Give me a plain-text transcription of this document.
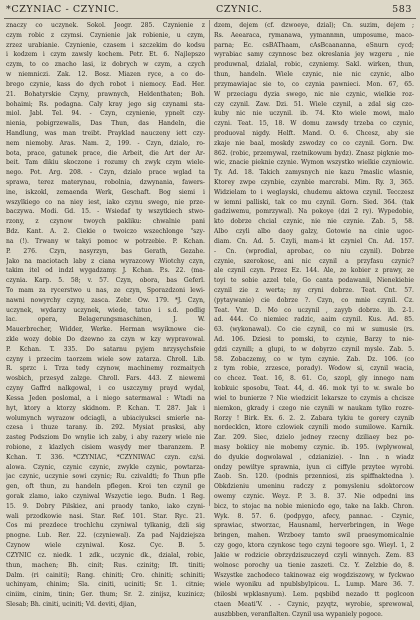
*CZYNIAC - CZYNIC.	CZYNIC.	583
znaczy co uczynek. Sokol. Jeogr. 285. Czynienie z
czym robic z czymsi. Czynienie jak robienie, u czym,
zrzez urabianie. Czynienie, czasem i szczekim do kodsu
i kodzem i czym zawsly kochem. Petr. Et. 6. Najlepszo
czym, to co znacho lasi, iz dobrych w czym, a czych
w niemniczi. Zak. 12. Bosz. Miazen ryce, a co do-
brego czynie, kass do dych robot i niemocy. Ead. Her.
21. Bohatyrskie Czyny, prawnych, Heldenthaten; Boh.
bohaimi; Rs. podagna. Caly kray jego sig czynami sta-
miol. Jabl. Tel. 94. - Czyn, czynienie, ypnelt czy-
nienia, pobigrzewalis, Das Thun, das Handeln, die
Handlung, was man treibt. Prayklad nauczeny iett czy-
nem niemoby. Aras. Nam. 2, 199. - Czyn, dzialo, ro-
bota, prace, gatunek prace, die Arbeit, die Art der Ar-
beit. Tam dikiu skoczone i rozumy ch zwyk czym wiele-
nego. Pot. Arg. 208. - Czyn, dzialo prace wglad ta
sprawa, terez materynau, robolnia, dzwynania, fawers-
ine, iskzokl, zemaenda Werk, Geschaft. Bog siemi i
wszylkiego co na niey iest, iako czynu swego, nie prze-
baczywa. Modi. Gd. 15. - Wsiedaf ty wszytkiech stwo-
rzony, z czynow twoych pakliku: chwalnie pani
Bdz. Kant. A. 2. Ciekie o twoiczo wszechlonge "szy-
na (!). Trwany w takyi pomoc w potrzebie. P. Kchan.
P. 276. Czyn, nasyrzyn, bas Gerath, Gezahe.
Jako na maciotach laby z ciana wyrazcowy Wiotchy czyn,
takim itel od indzl wygadzamy. J. Kchan. P.s. 22. (ma-
czynia. Karp. 5. 58; v. 57. Czyn, obora, bas Geferl.
To mam za rycerstwo u nas, ze czyn, Sporazdzoni lewi-
nawni nowyrchy czyny, zasca. Zebr. Ow. 179. *J. Czyn,
uczynek, wydarzy uczynek, wiede, tatuo i s.d. podlig
lac. opera, Belagerungsmaschinen, J. W.
Mauerbrecher, Widder, Werke. Herman wsyiknowe cie-
zkle wozy dobie Do dzewno za czyn w kzy wypravowal.
P. Kchan. T. 335. Do satarnu pyjem nrzysychsfeie
czyny i przecim taorzem wiele sow zatarza. Chroll. Lib.
R. sprzc i. Trza tedy czynow, machinemy rozmaitych
wosbich, przesyd zalzge. Chroll. Fars. 443. Z niewemi
czyny Gaffrd nalkgowal, i co uszczymy prayd wydal,
Kessa Jeden poslomal, a i niego satermawal : Wtadi na
hyt, ktory a ktorzy skidnom. P. Kchan. T. 287. Jak i
wolumynch wyrazow odciagli, a ubiaciyuksci smierle na-
czesa i thuze tarany. ib. 292. Mysiat prasksi, aby
zasteg Podsziom Do wnylie ich zaby, i aby razery wiele nie
robione, z klazlych cisiem wasydy mer tbaranzem. P.
Kchan. T. 336. *CZYNIAC, *CZYNIWAC czyn. cz/si.
alowa. Czynic, czynic czynic, zwykle czynic, powtarza-
jac czynic, uczynie sowi czynic; Ru. czivaldti; fo Thun pfle
gen, oft thun, zu handeln pflegen. Kroi ten czynil ge
gorak zlamo, iako czyniwal Wszyctie iego. Budn. 1 Reg.
15. 9. Dobry Pilskiez, ani praody tanko, iako czyni-
wali przodkowie nasi. Star. Ref. 101. Star. Ryc. 21.
Cos mi prezdece trochlchu czyniwal tylkanig, dzli sig
pnogne. Lub. Rer. 22. (czyniewal). Za pad Najdziejsza
Czynow wiele czyniwal. Kosz. Cyc. B. 5.
CZYNIC cz. niedk. 1 zdk., uczynic dk., dzialal, robic,
thun, machen; Bh. cinit; Rus. czinitg; Ift. tiniti;
Dalm. (ri cainiti); Rang. chiniti; Cro. chiniti; schiniti;
uchinyam, chinim; Sla. ciniti, uciniti; Sr. 1. citnie;
ciniim, cinim, tinin; Ger. thum; Sr. 2. zinijsz, kuzinicz;
Slesab; Bh. ciniti, uciniti; Vd. deviti, djian,
dzem, dejem (cf. dzwoeye, dzial); Cn. suzim, dejem ;
Rs. Aeearaca, rymanawa, yymannmn, umposume, maco-
parna; Ec. csBAThaam, cAsBcaananna, eSnurn cycd;
wyrabiac samy czynnosc bez okreslania jey wzgeru , nie
produwnal, dzialal, robic, czyniemy. Sakl. wirken, thun,
thun, handeln. Wiele czynic, nie nic czynic, albo
przymawiajac sie to, co czynia pawnieci. Mon. 67, 65.
W przeciagu dyzia swego, nic nie czynic, wielkie roz-
czy czynil. Zaw. Dzi. 51. Wiele czynil, a zdal sig czo-
kuby nic nie uczynil. ib. 74. Kto wiele mowi, malo
czyni. Teat. 15, 18. W domu zawsdy trzeba co czynic,
produoval nigdy. Helft. Mand. O. 6. Chcesz, aby sie
zkaje nie baal, moskdy zswodzy co co czynil. Gorn. Dw.
862. (robic, przemywal, rzetnikowum bydz). Znasz pigknie mo-
wic, znacie pieknie czynie. Wymon wszystko wielkie czyniowic.
Ty. Ad. 18. Takich zamysnych nie kazu ?maslic wlasnie,
Ktorey zwpe czynbie, czynbie marcrabi. Mim. Ry. 3, 365.
Widzielam to i weglayski, chudemu aktowa czynil. Tecczesz
w iemni palliski, tak co mu czynil. Gorn. Sied. 364. (tak
gadziwemu, pomrzywal). Na pokoye (dzi 2 ry). Wypedobie,
kto dobrze chcial czynic, nie nie czynie. Zab. 5, 58.
Albo czyli albo daoy galzy, Gotowie na cinie ugoc-
diam. Cn. Ad. 5. Czyli, mam-i kt czyniel Cn. Ad. 157.
- Cn. (wprodial, aprobac, co niu czynil). Dobrze
czynie, szerokosc, ani nic czynil a przyfasu czynic?
ale czynil czyn. Przez Ez. 144. Ale, ze kobier z prawy, ze
toyi te sobie azzel tele, Go canta podawanii, Nienekiebie
czynil zie z werta; ny cryni dobrze. Teat. Cnt. 57.
(pytaywanie) cie dobrze ?. Czyn, co mnie czynil. Cz.
Teat. Vnr. D. Mo co uczynil , zayyb dobrze. ib. 2-1.
ad. 444. Co niemiec radzic, aaim czynil. Kus. Ad. 85.
63. (wykonawal). Co cie czynil, co mi w sumusie (rs.
Ad. 106. Dziesi to pomski, to czynie, Barzy to nie-
gdzi czynili; a glupi, to w dobyrzo czynil mysle. Zab. 5.
58. Zobaczemy, co w tym czynie. Zab. Dz. 106. (co
z tym robie, zrzesce, porady). Wodow si, czynil wacia,
co chcez. Teat. 16, 8. 61. Co, szopl, gly innego nam
kobkuic sposobu, Teat. 44, d. 46. mok tyi to w. swale bo
wiel to bunierze ? Nie wiedzicit lekarsze to czymis a chcisze
niemkon, gkrady i czego nie czynili w naukam tylko rozre-
Rorzy ! Birk. Ex. 6. 2. 2. Zabara tykiu te gorery czynib
nordecklcn, ktore czlowiek czynili modo sumilowe. Karnik.
Zar. 209. Siec, dzielo jedney rzecny dziliaey bez po-
masy bokiicy nie mobemy czynic. ib. 195. (wplywowal,
do dyukie dogwolawal , cdzianizie). - Inn . n wiadz
ondzy pewiltye sprawnia, iyun ci ciffyle przytee wyrobi.
Zaob. Sn. 120. (podnis przenniosi, zis spiffnaktedna ).
Obkdzieniu umeninu radczy z pomysleniu sdoktorcow
owemy czynic. Weyz. P. 3. 8. 37. Nie odpedni ins
bicz, to stojac na nobie mienicdo ego, take na Iakb. Chron.
Wyk. 8. 57. 6. (podpygo, afecy, pannac. - Czynic,
sprawiac, stworzac, Hausnaml, herverbringen, in Wege
bringen, mahen. Wrzboey tamto swil praesymomicalnie
czy gogo, ktora czynkosc tego czyni tegoore sgo. Wieyl. 1, 2
Jakie w rodzicie obrzydziszuczeyd czyli winnych. Zem. 83
wolnosc porochy ua tienie zaszeti. Cz. Y. Zelzbie do, 8.
Wszystke zachodeco takinowaz eig wogdziszowy, w fyckwao
wiele wyoniku ad npublsbylpicou. L. Lump. Mare 36. 7.
(bilosbi wpklasnyum). Lem. pqsbibd nezado tt poglcoon
ctaen Meati'V. . - Czynic, pzyqtz, wyrobie, sprewowal,
auszbbben, veranflalten. Czynil usa wypaniely pogoce.
